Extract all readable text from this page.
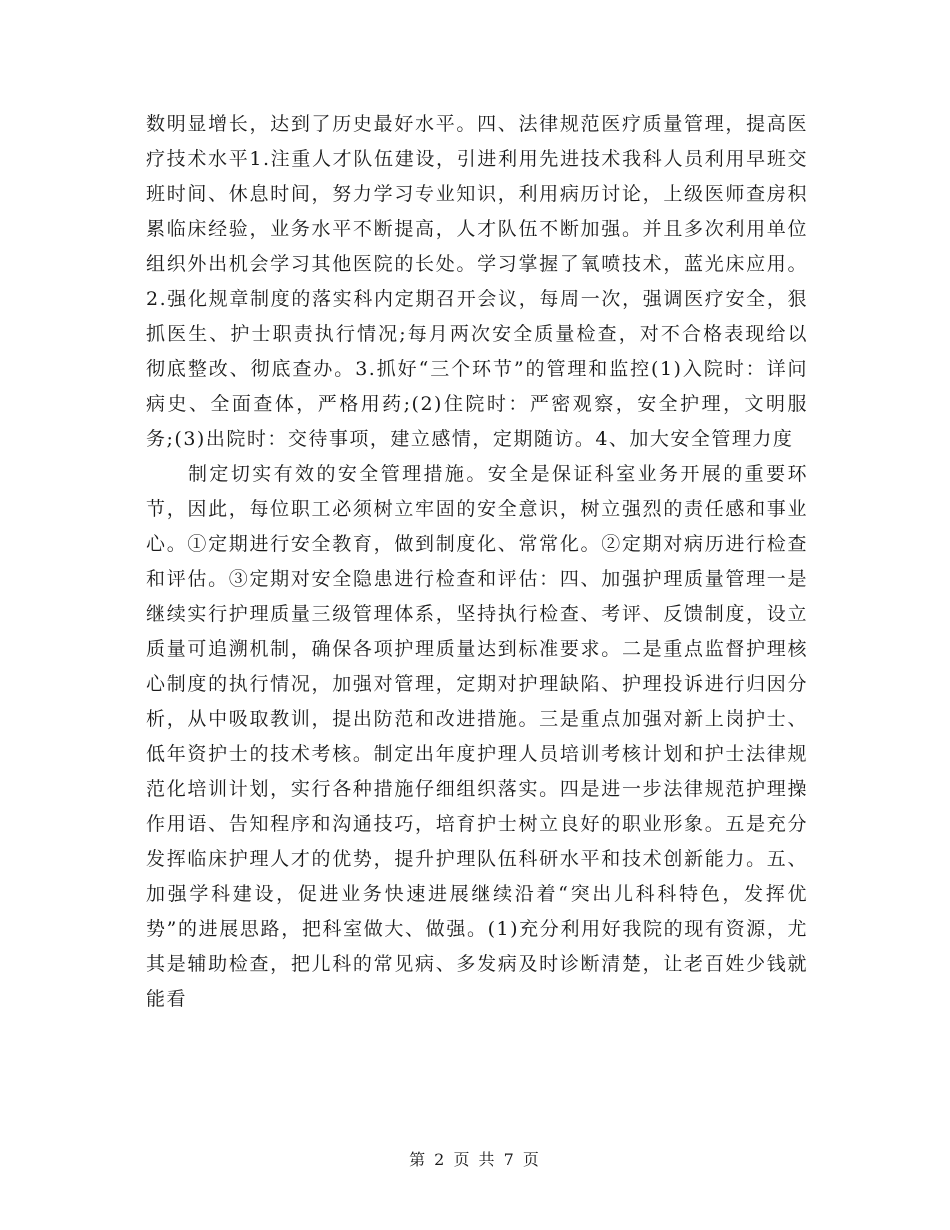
数明显增长，达到了历史最好水平。四、法律规范医疗质量管理，提高医疗技术水平1.注重人才队伍建设，引进利用先进技术我科人员利用早班交班时间、休息时间，努力学习专业知识，利用病历讨论，上级医师查房积累临床经验，业务水平不断提高，人才队伍不断加强。并且多次利用单位组织外出机会学习其他医院的长处。学习掌握了氧喷技术，蓝光床应用。2.强化规章制度的落实科内定期召开会议，每周一次，强调医疗安全，狠抓医生、护士职责执行情况;每月两次安全质量检查，对不合格表现给以彻底整改、彻底查办。3.抓好“三个环节”的管理和监控(1)入院时：详问病史、全面查体，严格用药;(2)住院时：严密观察，安全护理，文明服务;(3)出院时：交待事项，建立感情，定期随访。4、加大安全管理力度

制定切实有效的安全管理措施。安全是保证科室业务开展的重要环节，因此，每位职工必须树立牢固的安全意识，树立强烈的责任感和事业心。①定期进行安全教育，做到制度化、常常化。②定期对病历进行检查和评估。③定期对安全隐患进行检查和评估：四、加强护理质量管理一是继续实行护理质量三级管理体系，坚持执行检查、考评、反馈制度，设立质量可追溯机制，确保各项护理质量达到标准要求。二是重点监督护理核心制度的执行情况，加强对管理，定期对护理缺陷、护理投诉进行归因分析，从中吸取教训，提出防范和改进措施。三是重点加强对新上岗护士、低年资护士的技术考核。制定出年度护理人员培训考核计划和护士法律规范化培训计划，实行各种措施仔细组织落实。四是进一步法律规范护理操作用语、告知程序和沟通技巧，培育护士树立良好的职业形象。五是充分发挥临床护理人才的优势，提升护理队伍科研水平和技术创新能力。五、加强学科建设，促进业务快速进展继续沿着“突出儿科科特色，发挥优势”的进展思路，把科室做大、做强。(1)充分利用好我院的现有资源，尤其是辅助检查，把儿科的常见病、多发病及时诊断清楚，让老百姓少钱就能看

第 2 页 共 7 页
